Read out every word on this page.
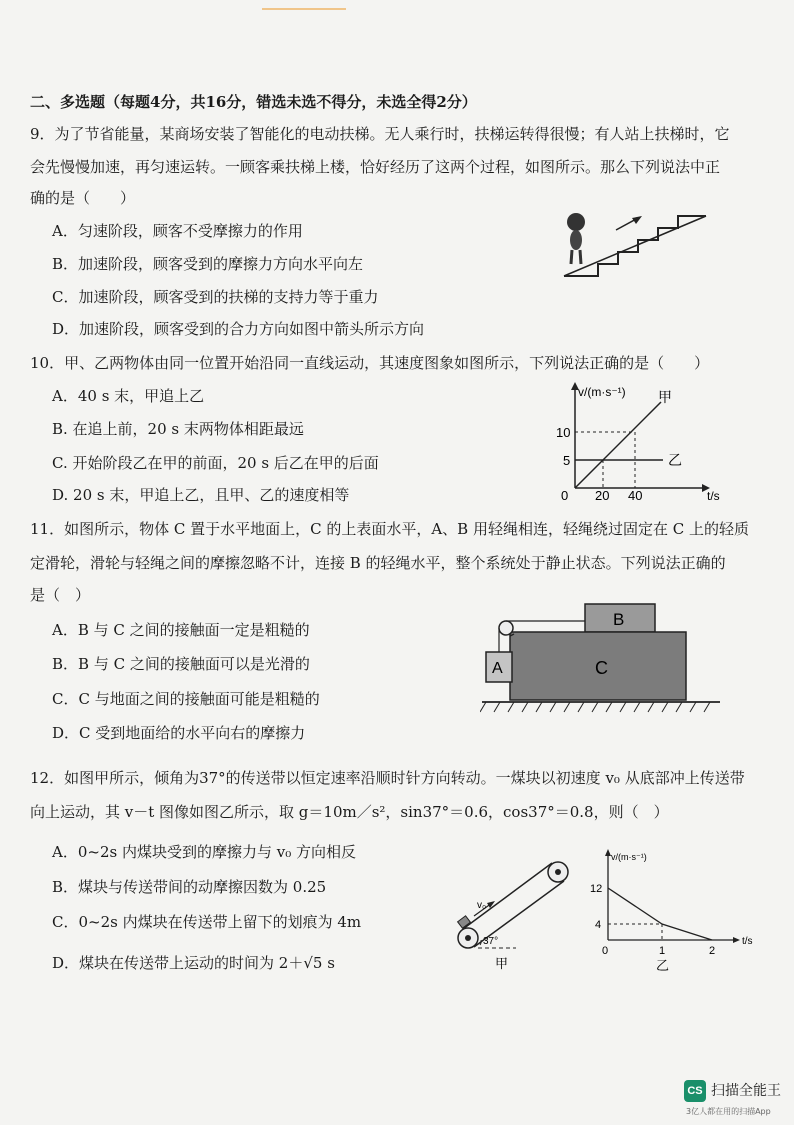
二、多选题（每题4分，共16分，错选未选不得分，未选全得2分）
9．为了节省能量，某商场安装了智能化的电动扶梯。无人乘行时，扶梯运转得很慢；有人站上扶梯时，它
会先慢慢加速，再匀速运转。一顾客乘扶梯上楼，恰好经历了这两个过程，如图所示。那么下列说法中正
确的是（　　）
A．匀速阶段，顾客不受摩擦力的作用
B．加速阶段，顾客受到的摩擦力方向水平向左
C．加速阶段，顾客受到的扶梯的支持力等于重力
D．加速阶段，顾客受到的合力方向如图中箭头所示方向
10．甲、乙两物体由同一位置开始沿同一直线运动，其速度图象如图所示，下列说法正确的是（　　）
A．40 s 末，甲追上乙
B. 在追上前，20 s 末两物体相距最远
C. 开始阶段乙在甲的前面，20 s 后乙在甲的后面
D. 20 s 末，甲追上乙，且甲、乙的速度相等
v/(m·s⁻¹)
t/s
0
10
5
20 40
甲
乙
11．如图所示，物体 C 置于水平地面上，C 的上表面水平，A、B 用轻绳相连，轻绳绕过固定在 C 上的轻质
定滑轮，滑轮与轻绳之间的摩擦忽略不计，连接 B 的轻绳水平，整个系统处于静止状态。下列说法正确的
是（　）
A．B 与 C 之间的接触面一定是粗糙的
B．B 与 C 之间的接触面可以是光滑的
C．C 与地面之间的接触面可能是粗糙的
D．C 受到地面给的水平向右的摩擦力
B
C
A
12．如图甲所示，倾角为37°的传送带以恒定速率沿顺时针方向转动。一煤块以初速度 v₀ 从底部冲上传送带
向上运动，其 v－t 图像如图乙所示，取 g＝10m／s²，sin37°＝0.6，cos37°＝0.8，则（　）
A．0~2s 内煤块受到的摩擦力与 v₀ 方向相反
B．煤块与传送带间的动摩擦因数为 0.25
C．0~2s 内煤块在传送带上留下的划痕为 4m
D．煤块在传送带上运动的时间为 2＋√5 s
v₀
37°
甲
v/(m·s⁻¹)
t/s
12
4
0	1	2
乙
CS 扫描全能王
3亿人都在用的扫描App
